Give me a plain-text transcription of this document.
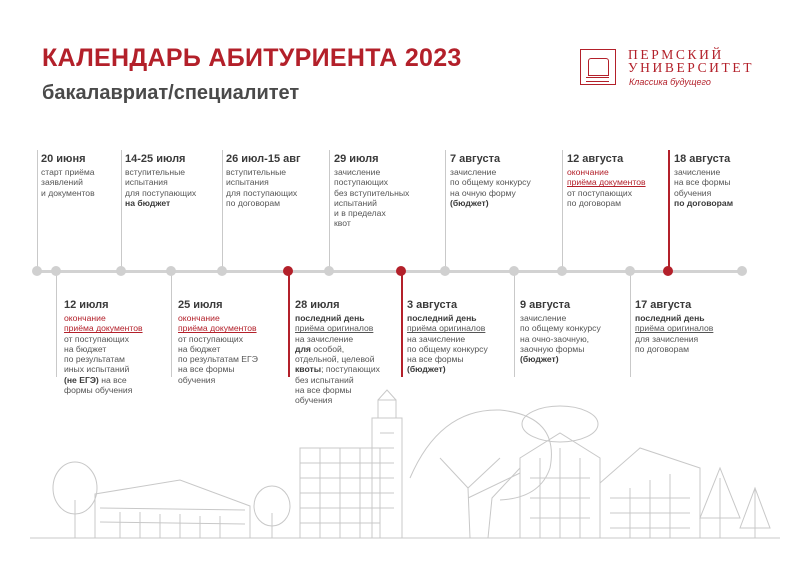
КАЛЕНДАРЬ АБИТУРИЕНТА 2023
бакалавриат/специалитет
ПЕРМСКИЙ
УНИВЕРСИТЕТ
Классика будущего
20 июня
старт приёма
заявлений
и документов
14-25 июля
вступительные
испытания
для поступающих
на бюджет
26 июл-15 авг
вступительные
испытания
для поступающих
по договорам
29 июля
зачисление
поступающих
без вступительных
испытаний
и в пределах
квот
7 августа
зачисление
по общему конкурсу
на очную форму
(бюджет)
12 августа
окончание
приёма документов
от поступающих
по договорам
18 августа
зачисление
на все формы
обучения
по договорам
12 июля
окончание
приёма документов
от поступающих
на бюджет
по результатам
иных испытаний
(не ЕГЭ) на все
формы обучения
25 июля
окончание
приёма документов
от поступающих
на бюджет
по результатам ЕГЭ
на все формы
обучения
28 июля
последний день
приёма оригиналов
на зачисление
для особой,
отдельной, целевой
квоты; поступающих
без испытаний
на все формы
обучения
3 августа
последний день
приёма оригиналов
на зачисление
по общему конкурсу
на все формы
(бюджет)
9 августа
зачисление
по общему конкурсу
на очно-заочную,
заочную формы
(бюджет)
17 августа
последний день
приёма оригиналов
для зачисления
по договорам
